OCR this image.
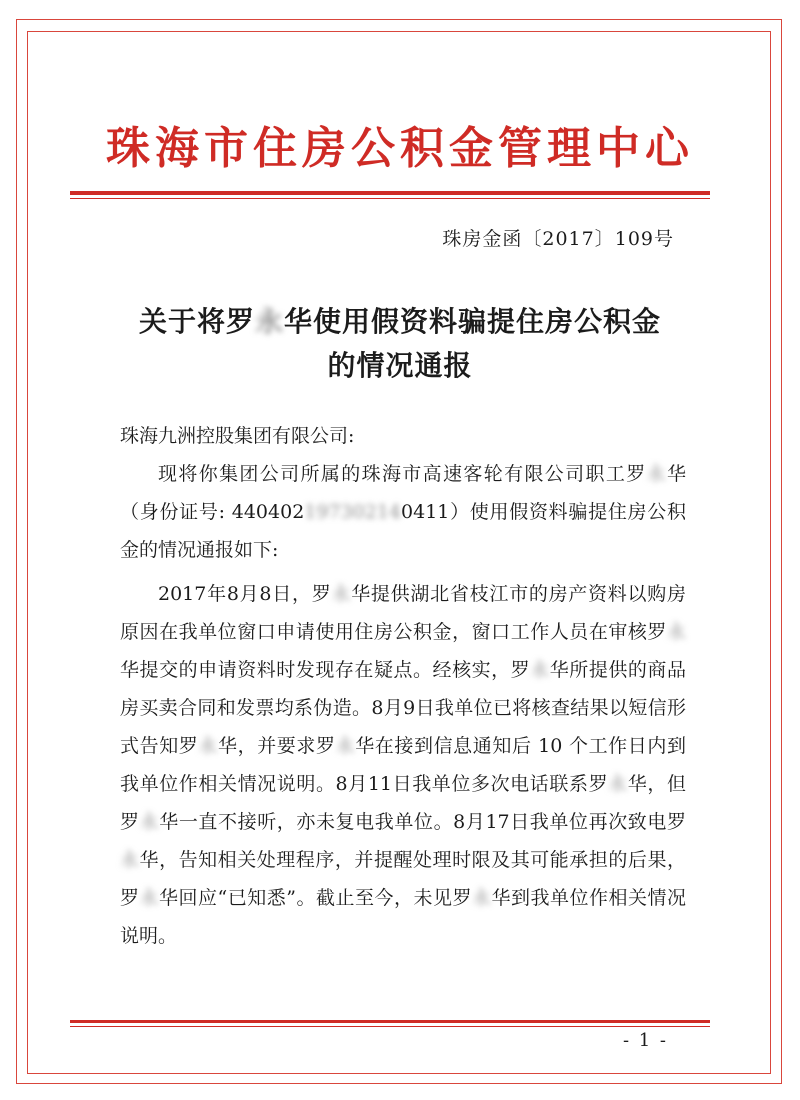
珠海市住房公积金管理中心
珠房金函〔2017〕109号
关于将罗永华使用假资料骗提住房公积金
的情况通报
珠海九洲控股集团有限公司:
现将你集团公司所属的珠海市高速客轮有限公司职工罗永华（身份证号: 440402197302140411）使用假资料骗提住房公积金的情况通报如下:
2017年8月8日，罗永华提供湖北省枝江市的房产资料以购房原因在我单位窗口申请使用住房公积金，窗口工作人员在审核罗永华提交的申请资料时发现存在疑点。经核实，罗永华所提供的商品房买卖合同和发票均系伪造。8月9日我单位已将核查结果以短信形式告知罗永华，并要求罗永华在接到信息通知后 10 个工作日内到我单位作相关情况说明。8月11日我单位多次电话联系罗永华，但罗永华一直不接听，亦未复电我单位。8月17日我单位再次致电罗永华，告知相关处理程序，并提醒处理时限及其可能承担的后果，罗永华回应“已知悉”。截止至今，未见罗永华到我单位作相关情况说明。
- 1 -
